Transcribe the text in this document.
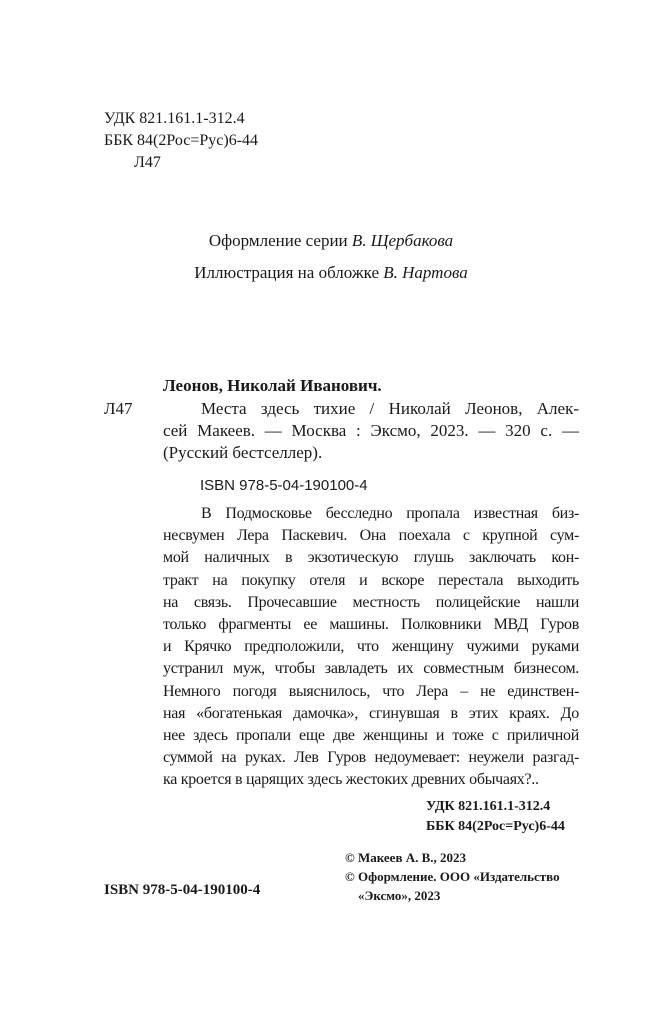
УДК 821.161.1-312.4
ББК 84(2Рос=Рус)6-44
Л47
Оформление серии В. Щербакова
Иллюстрация на обложке В. Нартова
Леонов, Николай Иванович.
Л47	Места здесь тихие / Николай Леонов, Алек-
сей Макеев. — Москва : Эксмо, 2023. — 320 с. —
(Русский бестселлер).
ISBN 978-5-04-190100-4
В Подмосковье бесследно пропала известная биз-
несвумен Лера Паскевич. Она поехала с крупной сум-
мой наличных в экзотическую глушь заключать кон-
тракт на покупку отеля и вскоре перестала выходить
на связь. Прочесавшие местность полицейские нашли
только фрагменты ее машины. Полковники МВД Гуров
и Крячко предположили, что женщину чужими руками
устранил муж, чтобы завладеть их совместным бизнесом.
Немного погодя выяснилось, что Лера – не единствен-
ная «богатенькая дамочка», сгинувшая в этих краях. До
нее здесь пропали еще две женщины и тоже с приличной
суммой на руках. Лев Гуров недоумевает: неужели разгад-
ка кроется в царящих здесь жестоких древних обычаях?..
УДК 821.161.1-312.4
ББК 84(2Рос=Рус)6-44
© Макеев А. В., 2023
© Оформление. ООО «Издательство
«Эксмо», 2023
ISBN 978-5-04-190100-4
